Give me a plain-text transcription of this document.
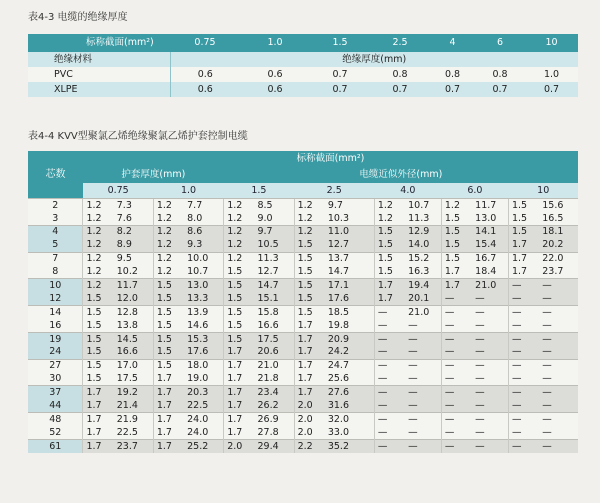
表4-3 电缆的绝缘厚度
标称截面(mm²)	0.75	1.0	1.5	2.5	4	6	10
绝缘材料	绝缘厚度(mm)						
PVC	0.6	0.6	0.7	0.8	0.8	0.8	1.0
XLPE	0.6	0.6	0.7	0.7	0.7	0.7	0.7
表4-4 KVV型聚氯乙烯绝缘聚氯乙烯护套控制电缆
芯数	标称截面(mm²)													
	护套厚度(mm)				电缆近似外径(mm)									
	0.75		1.0		1.5		2.5		4.0		6.0		10	
2	1.2	7.3	1.2	7.7	1.2	8.5	1.2	9.7	1.2	10.7	1.2	11.7	1.5	15.6
3	1.2	7.6	1.2	8.0	1.2	9.0	1.2	10.3	1.2	11.3	1.5	13.0	1.5	16.5
4	1.2	8.2	1.2	8.6	1.2	9.7	1.2	11.0	1.5	12.9	1.5	14.1	1.5	18.1
5	1.2	8.9	1.2	9.3	1.2	10.5	1.5	12.7	1.5	14.0	1.5	15.4	1.7	20.2
7	1.2	9.5	1.2	10.0	1.2	11.3	1.5	13.7	1.5	15.2	1.5	16.7	1.7	22.0
8	1.2	10.2	1.2	10.7	1.5	12.7	1.5	14.7	1.5	16.3	1.7	18.4	1.7	23.7
10	1.2	11.7	1.5	13.0	1.5	14.7	1.5	17.1	1.7	19.4	1.7	21.0	—	—
12	1.5	12.0	1.5	13.3	1.5	15.1	1.5	17.6	1.7	20.1	—	—	—	—
14	1.5	12.8	1.5	13.9	1.5	15.8	1.5	18.5	—	21.0	—	—	—	—
16	1.5	13.8	1.5	14.6	1.5	16.6	1.7	19.8	—	—	—	—	—	—
19	1.5	14.5	1.5	15.3	1.5	17.5	1.7	20.9	—	—	—	—	—	—
24	1.5	16.6	1.5	17.6	1.7	20.6	1.7	24.2	—	—	—	—	—	—
27	1.5	17.0	1.5	18.0	1.7	21.0	1.7	24.7	—	—	—	—	—	—
30	1.5	17.5	1.7	19.0	1.7	21.8	1.7	25.6	—	—	—	—	—	—
37	1.7	19.2	1.7	20.3	1.7	23.4	1.7	27.6	—	—	—	—	—	—
44	1.7	21.4	1.7	22.5	1.7	26.2	2.0	31.6	—	—	—	—	—	—
48	1.7	21.9	1.7	24.0	1.7	26.9	2.0	32.0	—	—	—	—	—	—
52	1.7	22.5	1.7	24.0	1.7	27.8	2.0	33.0	—	—	—	—	—	—
61	1.7	23.7	1.7	25.2	2.0	29.4	2.2	35.2	—	—	—	—	—	—
